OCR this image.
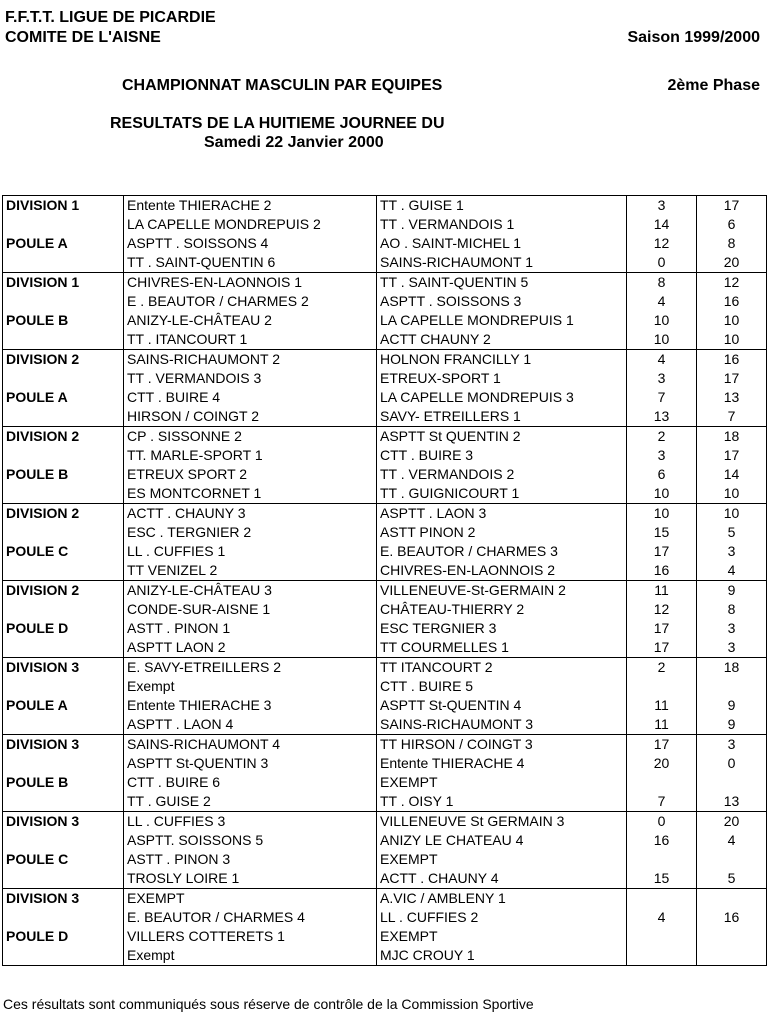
F.F.T.T. LIGUE DE PICARDIE
COMITE DE L'AISNE	Saison 1999/2000
CHAMPIONNAT MASCULIN PAR EQUIPES	2ème Phase
RESULTATS DE LA HUITIEME JOURNEE DU
Samedi 22 Janvier 2000
DIVISION 1	Entente THIERACHE 2	TT . GUISE 1	3	17
	LA CAPELLE MONDREPUIS 2	TT . VERMANDOIS 1	14	6
POULE A	ASPTT . SOISSONS 4	AO . SAINT-MICHEL 1	12	8
	TT . SAINT-QUENTIN 6	SAINS-RICHAUMONT 1	0	20
DIVISION 1	CHIVRES-EN-LAONNOIS 1	TT . SAINT-QUENTIN 5	8	12
	E . BEAUTOR / CHARMES 2	ASPTT . SOISSONS 3	4	16
POULE B	ANIZY-LE-CHÂTEAU 2	LA CAPELLE MONDREPUIS 1	10	10
	TT . ITANCOURT 1	ACTT CHAUNY 2	10	10
DIVISION 2	SAINS-RICHAUMONT 2	HOLNON FRANCILLY 1	4	16
	TT . VERMANDOIS 3	ETREUX-SPORT 1	3	17
POULE A	CTT . BUIRE 4	LA CAPELLE MONDREPUIS 3	7	13
	HIRSON / COINGT 2	SAVY- ETREILLERS 1	13	7
DIVISION 2	CP . SISSONNE 2	ASPTT St QUENTIN 2	2	18
	TT. MARLE-SPORT 1	CTT . BUIRE 3	3	17
POULE B	ETREUX SPORT 2	TT . VERMANDOIS 2	6	14
	ES MONTCORNET 1	TT . GUIGNICOURT 1	10	10
DIVISION 2	ACTT . CHAUNY 3	ASPTT . LAON 3	10	10
	ESC . TERGNIER 2	ASTT PINON 2	15	5
POULE C	LL . CUFFIES 1	E. BEAUTOR / CHARMES 3	17	3
	TT VENIZEL 2	CHIVRES-EN-LAONNOIS 2	16	4
DIVISION 2	ANIZY-LE-CHÂTEAU 3	VILLENEUVE-St-GERMAIN 2	11	9
	CONDE-SUR-AISNE 1	CHÂTEAU-THIERRY 2	12	8
POULE D	ASTT . PINON 1	ESC TERGNIER 3	17	3
	ASPTT LAON 2	TT COURMELLES 1	17	3
DIVISION 3	E. SAVY-ETREILLERS 2	TT ITANCOURT 2	2	18
	Exempt	CTT . BUIRE 5		
POULE A	Entente THIERACHE 3	ASPTT St-QUENTIN 4	11	9
	ASPTT . LAON 4	SAINS-RICHAUMONT 3	11	9
DIVISION 3	SAINS-RICHAUMONT 4	TT HIRSON / COINGT 3	17	3
	ASPTT St-QUENTIN 3	Entente THIERACHE 4	20	0
POULE B	CTT . BUIRE 6	EXEMPT		
	TT . GUISE 2	TT . OISY 1	7	13
DIVISION 3	LL . CUFFIES 3	VILLENEUVE St GERMAIN 3	0	20
	ASPTT. SOISSONS 5	ANIZY LE CHATEAU 4	16	4
POULE C	ASTT . PINON 3	EXEMPT		
	TROSLY LOIRE 1	ACTT . CHAUNY 4	15	5
DIVISION 3	EXEMPT	A.VIC / AMBLENY 1		
	E. BEAUTOR / CHARMES 4	LL . CUFFIES 2	4	16
POULE D	VILLERS COTTERETS 1	EXEMPT		
	Exempt	MJC CROUY 1		
Ces résultats sont communiqués sous réserve de contrôle de la Commission Sportive
